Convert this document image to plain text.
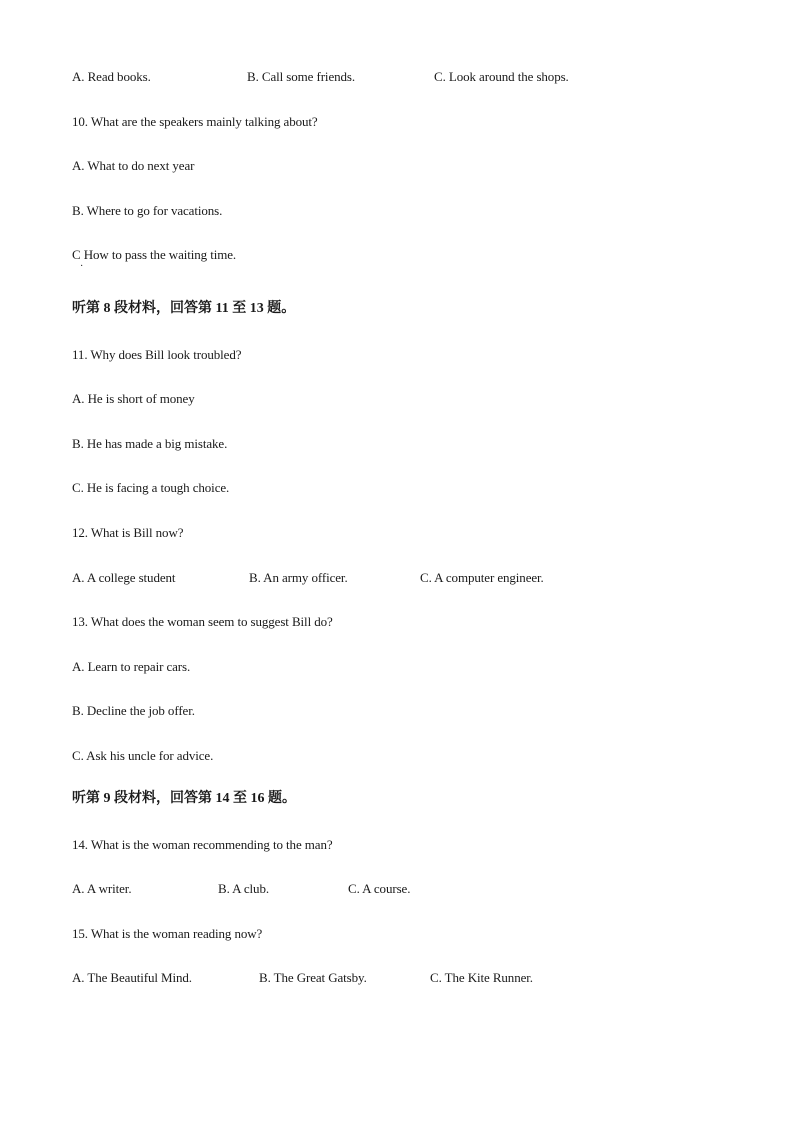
A. Read books.	B. Call some friends.	C. Look around the shops.
10. What are the speakers mainly talking about?
A. What to do next year
B. Where to go for vacations.
C How to pass the waiting time.
·
听第 8 段材料，回答第 11 至 13 题。
11. Why does Bill look troubled?
A. He is short of money
B. He has made a big mistake.
C. He is facing a tough choice.
12. What is Bill now?
A. A college student	B. An army officer.	C. A computer engineer.
13. What does the woman seem to suggest Bill do?
A. Learn to repair cars.
B. Decline the job offer.
C. Ask his uncle for advice.
听第 9 段材料，回答第 14 至 16 题。
14. What is the woman recommending to the man?
A. A writer.	B. A club.	C. A course.
15. What is the woman reading now?
A. The Beautiful Mind.	B. The Great Gatsby.	C. The Kite Runner.
